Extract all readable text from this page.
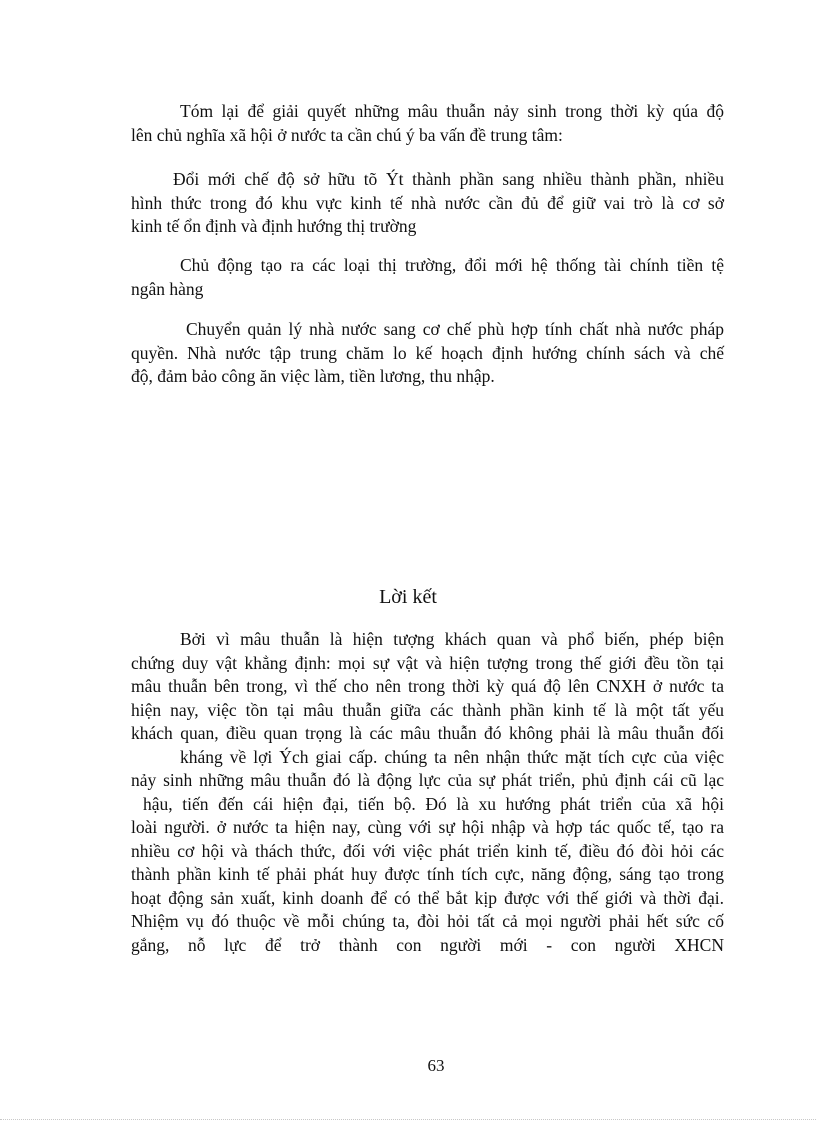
Tóm lại để giải quyết những mâu thuẫn nảy sinh trong thời kỳ qúa độ
lên chủ nghĩa xã hội ở nước ta cần chú ý ba vấn đề trung tâm:
Đổi mới chế độ sở hữu tõ Ýt thành phần sang nhiều thành phần, nhiều
hình thức trong đó khu vực kinh tế nhà nước cần đủ để giữ vai trò là cơ sở
kinh tế ổn định và định hướng thị trường
Chủ động tạo ra các loại thị trường, đổi mới hệ thống tài chính tiền tệ
ngân hàng
Chuyển quản lý nhà nước sang cơ chế phù hợp tính chất nhà nước pháp
quyền. Nhà nước tập trung chăm lo kế hoạch định hướng chính sách và chế
độ, đảm bảo công ăn việc làm, tiền lương, thu nhập.
Lời kết
Bởi vì mâu thuẫn là hiện tượng khách quan và phổ biến, phép biện
chứng duy vật khẳng định: mọi sự vật và hiện tượng trong thế giới đều tồn tại
mâu thuẫn bên trong, vì thế cho nên trong thời kỳ quá độ lên CNXH ở nước ta
hiện nay, việc tồn tại mâu thuẫn giữa các thành phần kinh tế là một tất yếu
khách quan, điều quan trọng là các mâu thuẫn đó không phải là mâu thuẫn đối
kháng về lợi Ých giai cấp. chúng ta nên nhận thức mặt tích cực của việc
nảy sinh những mâu thuẫn đó là động lực của sự phát triển, phủ định cái cũ lạc
hậu, tiến đến cái hiện đại, tiến bộ. Đó là xu hướng phát triển của xã hội
loài người. ở nước ta hiện nay, cùng với sự hội nhập và hợp tác quốc tế, tạo ra
nhiều cơ hội và thách thức, đối với việc phát triển kinh tế, điều đó đòi hỏi các
thành phần kinh tế phải phát huy được tính tích cực, năng động, sáng tạo trong
hoạt động sản xuất, kinh doanh để có thể bắt kịp được với thế giới và thời đại.
Nhiệm vụ đó thuộc về mỗi chúng ta, đòi hỏi tất cả mọi người phải hết sức cố
gắng, nỗ lực để trở thành con người mới - con người XHCN
63
